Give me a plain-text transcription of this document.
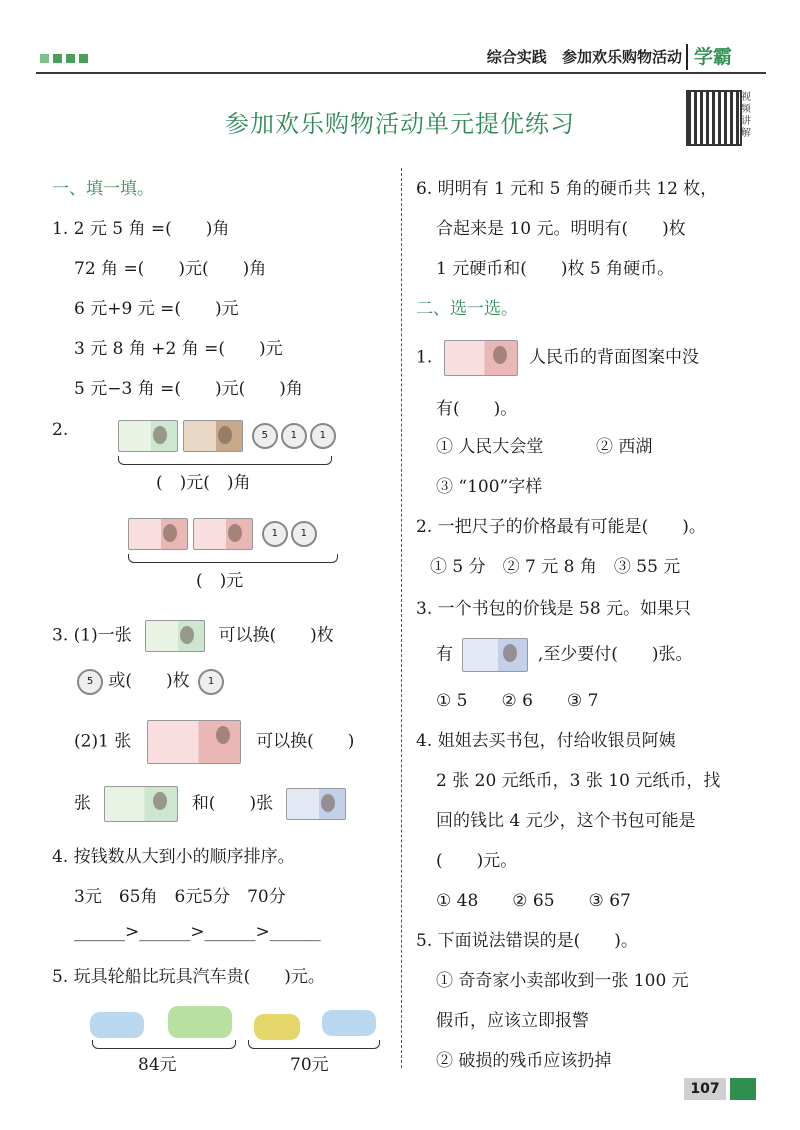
综合实践 参加欢乐购物活动 学霸
参加欢乐购物活动单元提优练习
视频讲解
一、填一填。
1. 2 元 5 角 =(　　)角
72 角 =(　　)元(　　)角
6 元+9 元 =(　　)元
3 元 8 角 +2 角 =(　　)元
5 元−3 角 =(　　)元(　　)角
2.	5 1 1
(　)元(　)角
1 1
(　)元
3. (1)一张	可以换(　　)枚
5 或(　　)枚 1
(2)1 张	可以换(　　)
张	和(　　)张
4. 按钱数从大到小的顺序排序。
3元　65角　6元5分　70分
______>______>______>______
5. 玩具轮船比玩具汽车贵(　　)元。
84元	70元
6. 明明有 1 元和 5 角的硬币共 12 枚，
合起来是 10 元。明明有(　　)枚
1 元硬币和(　　)枚 5 角硬币。
二、选一选。
1.	人民币的背面图案中没
有(　　)。
① 人民大会堂	② 西湖
③ “100”字样
2. 一把尺子的价格最有可能是(　　)。
① 5 分　② 7 元 8 角　③ 55 元
3. 一个书包的价钱是 58 元。如果只
有	,至少要付(　　)张。
① 5　　② 6　　③ 7
4. 姐姐去买书包，付给收银员阿姨
2 张 20 元纸币，3 张 10 元纸币，找
回的钱比 4 元少，这个书包可能是
(　　)元。
① 48　　② 65　　③ 67
5. 下面说法错误的是(　　)。
① 奇奇家小卖部收到一张 100 元
假币，应该立即报警
② 破损的残币应该扔掉
107
